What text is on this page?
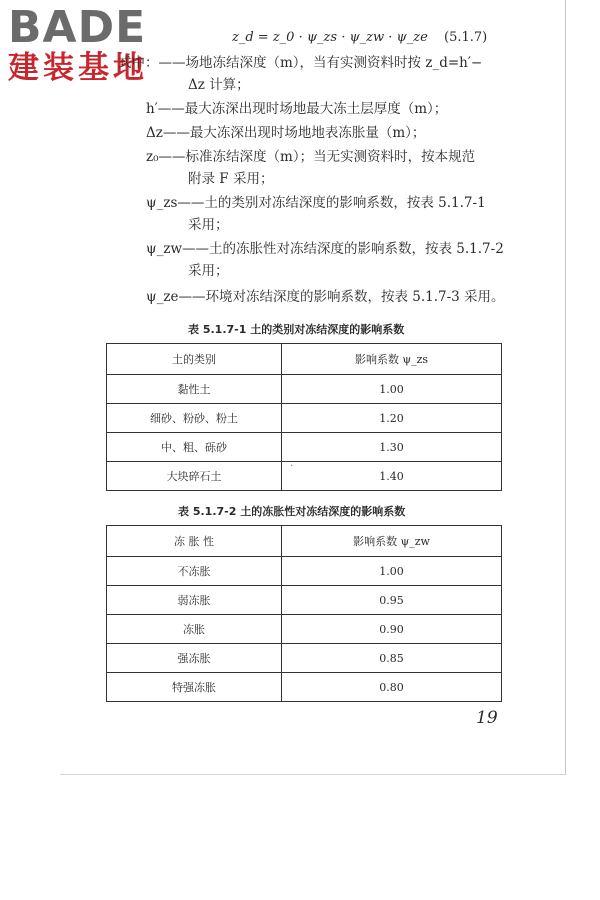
BADE
建装基地
z_d = z_0 · ψ_zs · ψ_zw · ψ_ze (5.1.7)
式中：——场地冻结深度（m），当有实测资料时按 z_d=h′−
Δz 计算；
h′——最大冻深出现时场地最大冻土层厚度（m）；
Δz——最大冻深出现时场地地表冻胀量（m）；
z₀——标准冻结深度（m）；当无实测资料时，按本规范
附录 F 采用；
ψ_zs——土的类别对冻结深度的影响系数，按表 5.1.7-1
采用；
ψ_zw——土的冻胀性对冻结深度的影响系数，按表 5.1.7-2
采用；
ψ_ze——环境对冻结深度的影响系数，按表 5.1.7-3 采用。
表 5.1.7-1 土的类别对冻结深度的影响系数
土的类别	影响系数 ψ_zs
黏性土	1.00
细砂、粉砂、粉土	1.20
中、粗、砾砂	1.30
大块碎石土	1.40
·
表 5.1.7-2 土的冻胀性对冻结深度的影响系数
冻 胀 性	影响系数 ψ_zw
不冻胀	1.00
弱冻胀	0.95
冻胀	0.90
强冻胀	0.85
特强冻胀	0.80
19
